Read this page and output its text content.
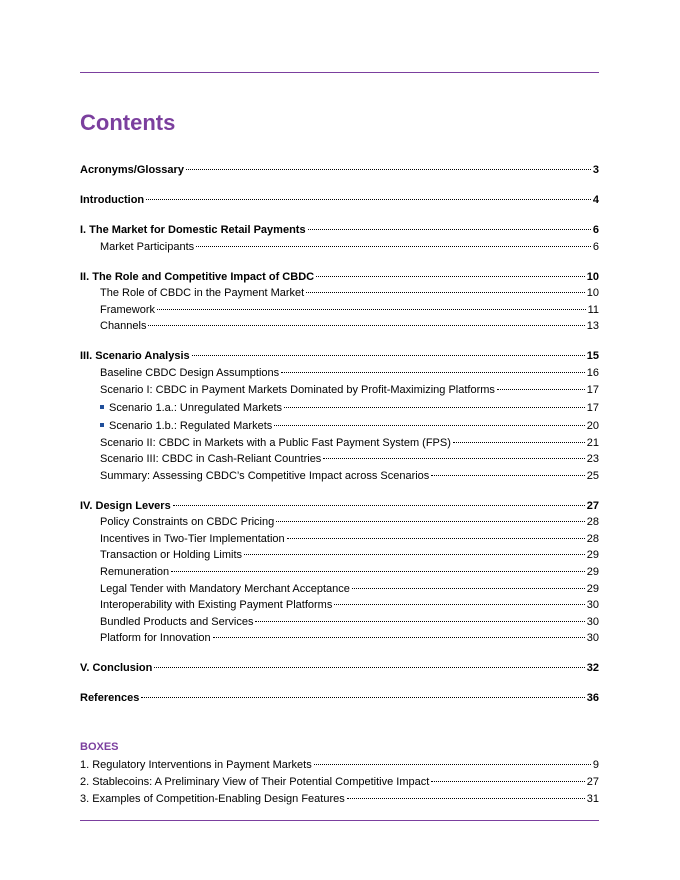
Contents
Acronyms/Glossary	3
Introduction	4
I. The Market for Domestic Retail Payments	6
Market Participants	6
II. The Role and Competitive Impact of CBDC	10
The Role of CBDC in the Payment Market	10
Framework	11
Channels	13
III. Scenario Analysis	15
Baseline CBDC Design Assumptions	16
Scenario I: CBDC in Payment Markets Dominated by Profit-Maximizing Platforms	17
Scenario 1.a.: Unregulated Markets	17
Scenario 1.b.: Regulated Markets	20
Scenario II: CBDC in Markets with a Public Fast Payment System (FPS)	21
Scenario III: CBDC in Cash-Reliant Countries	23
Summary: Assessing CBDC’s Competitive Impact across Scenarios	25
IV. Design Levers	27
Policy Constraints on CBDC Pricing	28
Incentives in Two-Tier Implementation	28
Transaction or Holding Limits	29
Remuneration	29
Legal Tender with Mandatory Merchant Acceptance	29
Interoperability with Existing Payment Platforms	30
Bundled Products and Services	30
Platform for Innovation	30
V. Conclusion	32
References	36
BOXES
1. Regulatory Interventions in Payment Markets	9
2. Stablecoins: A Preliminary View of Their Potential Competitive Impact	27
3. Examples of Competition-Enabling Design Features	31
